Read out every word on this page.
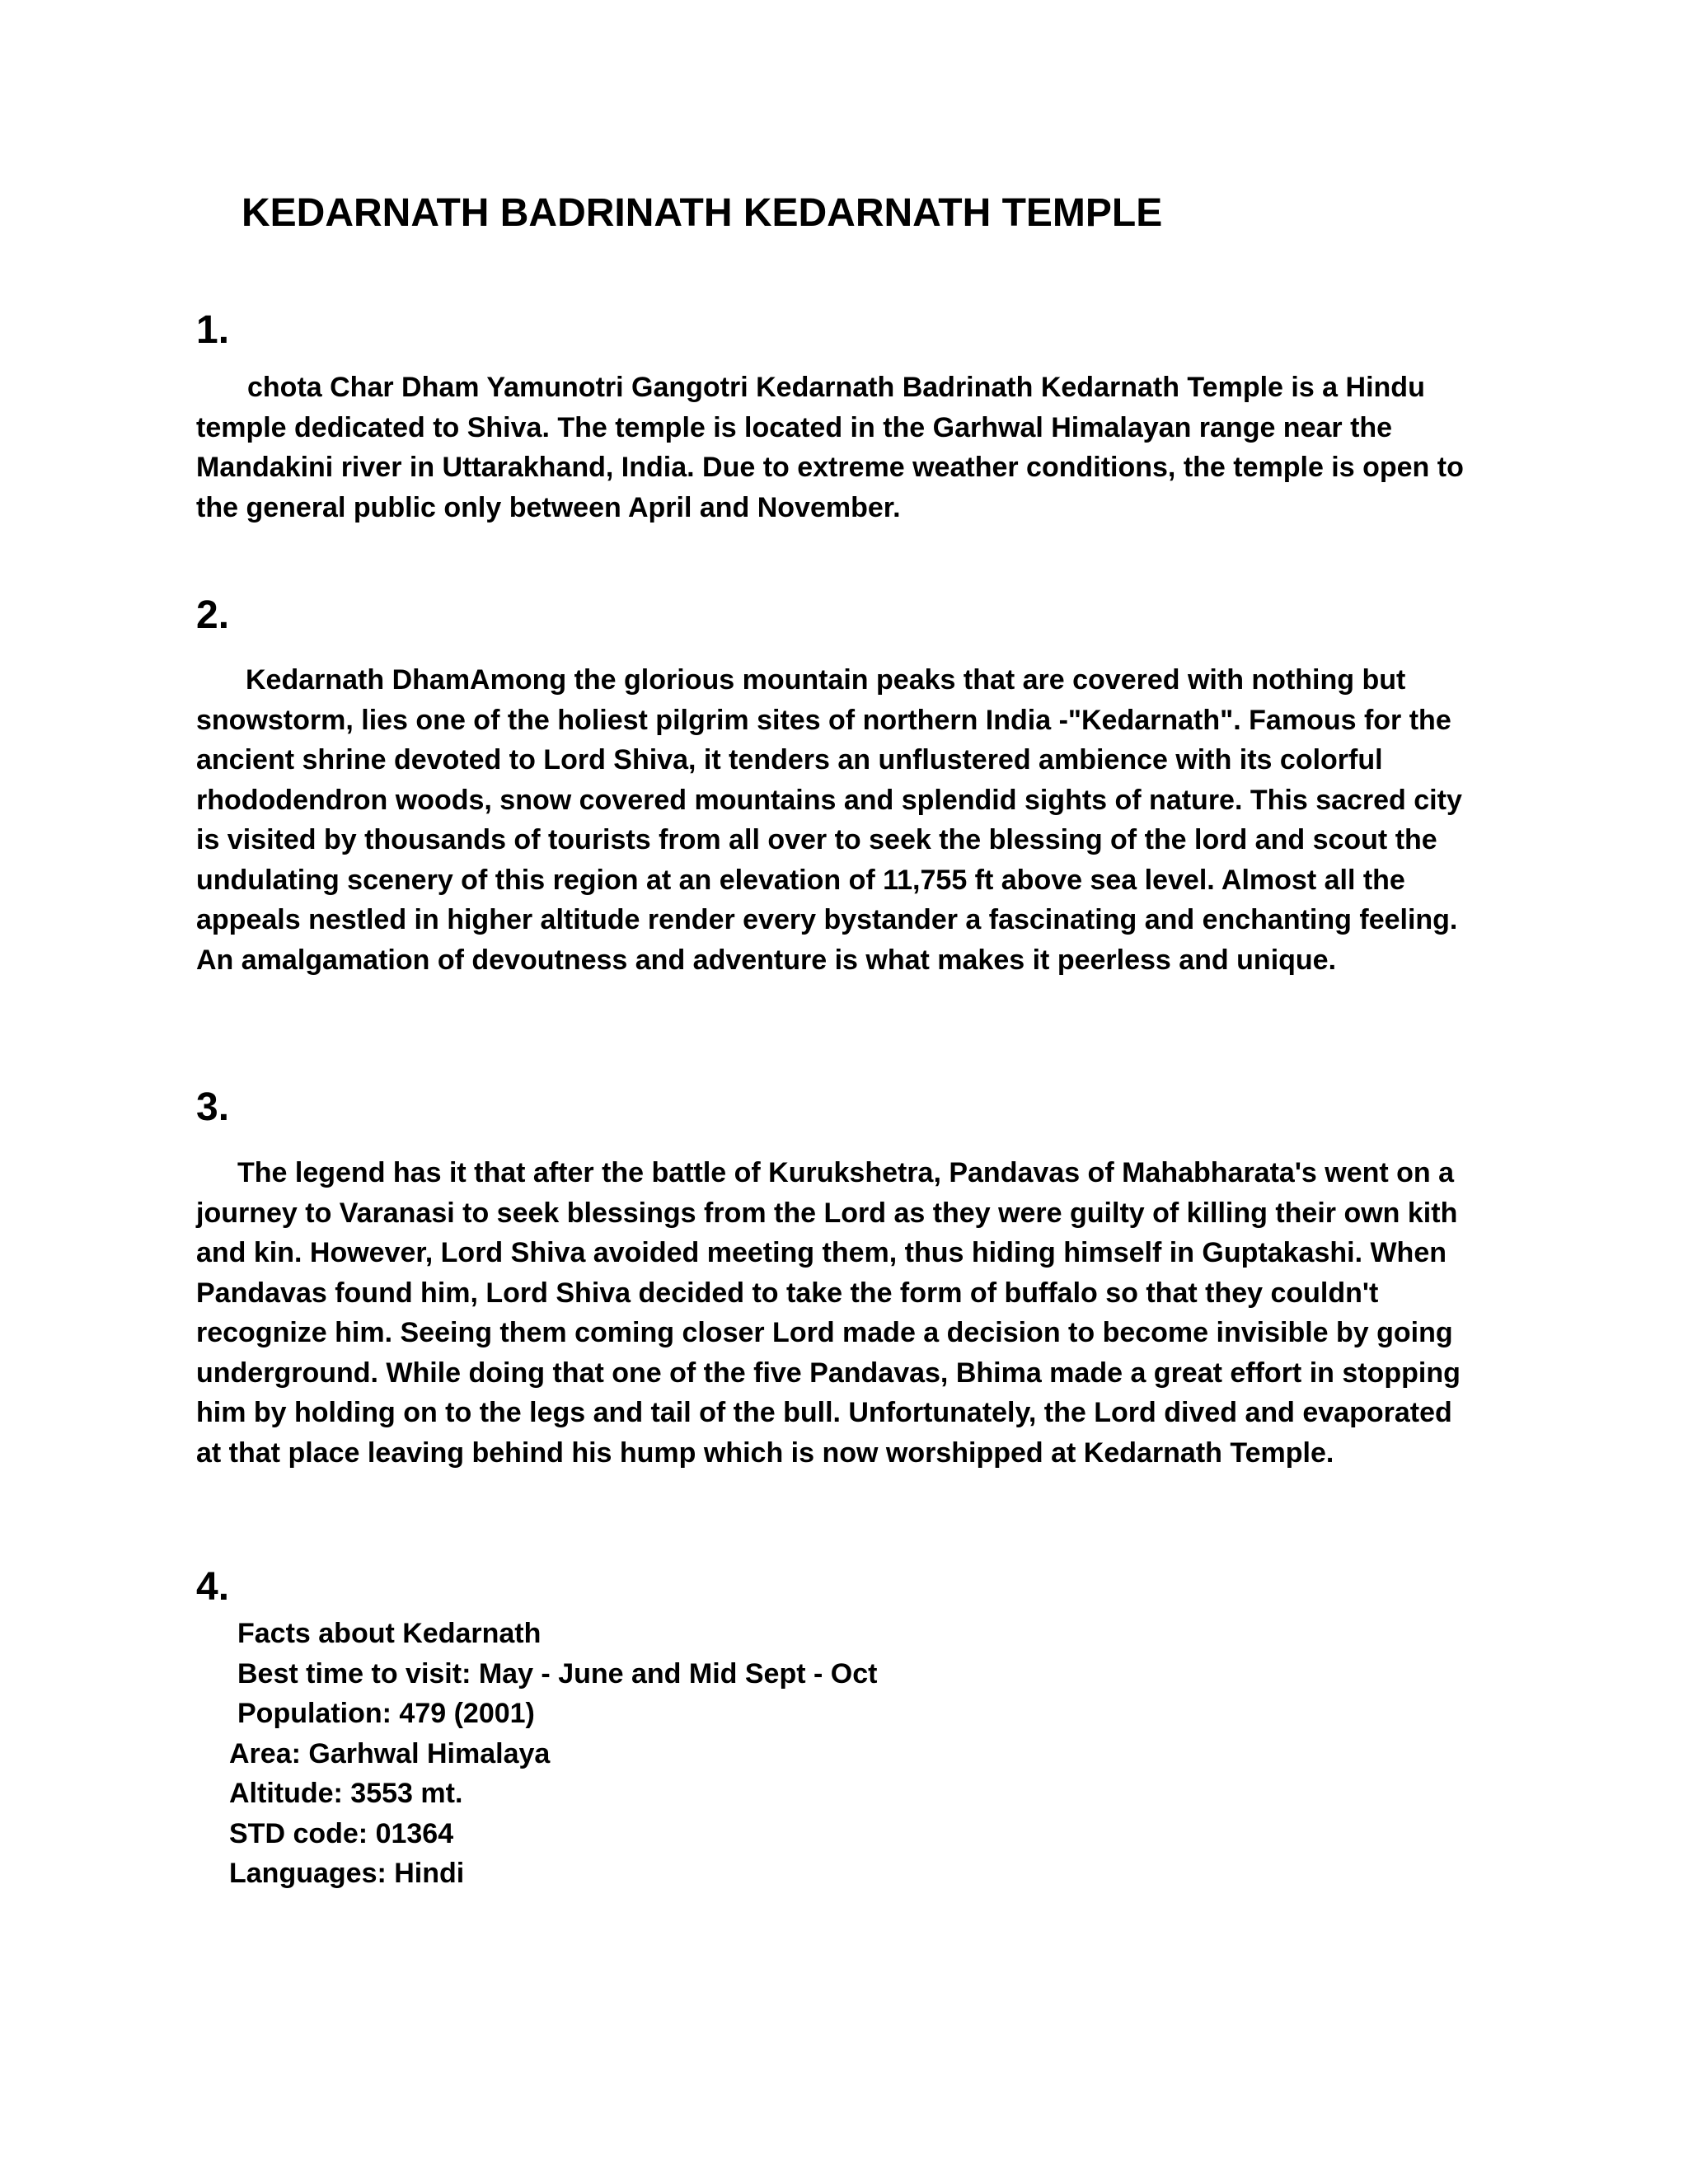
KEDARNATH BADRINATH KEDARNATH TEMPLE
1.

chota Char Dham Yamunotri Gangotri Kedarnath Badrinath Kedarnath Temple is a Hindu temple dedicated to Shiva. The temple is located in the Garhwal Himalayan range near the Mandakini river in Uttarakhand, India. Due to extreme weather conditions, the temple is open to the general public only between April and November.

2.

Kedarnath DhamAmong the glorious mountain peaks that are covered with nothing but snowstorm, lies one of the holiest pilgrim sites of northern India -"Kedarnath". Famous for the ancient shrine devoted to Lord Shiva, it tenders an unflustered ambience with its colorful rhododendron woods, snow covered mountains and splendid sights of nature. This sacred city is visited by thousands of tourists from all over to seek the blessing of the lord and scout the undulating scenery of this region at an elevation of 11,755 ft above sea level. Almost all the appeals nestled in higher altitude render every bystander a fascinating and enchanting feeling. An amalgamation of devoutness and adventure is what makes it peerless and unique.

3.

The legend has it that after the battle of Kurukshetra, Pandavas of Mahabharata's went on a journey to Varanasi to seek blessings from the Lord as they were guilty of killing their own kith and kin. However, Lord Shiva avoided meeting them, thus hiding himself in Guptakashi. When Pandavas found him, Lord Shiva decided to take the form of buffalo so that they couldn't recognize him. Seeing them coming closer Lord made a decision to become invisible by going underground. While doing that one of the five Pandavas, Bhima made a great effort in stopping him by holding on to the legs and tail of the bull. Unfortunately, the Lord dived and evaporated at that place leaving behind his hump which is now worshipped at Kedarnath Temple.

4.
Facts about Kedarnath
Best time to visit: May - June and Mid Sept - Oct
Population: 479 (2001)
Area: Garhwal Himalaya
Altitude: 3553 mt.
STD code: 01364
Languages: Hindi
